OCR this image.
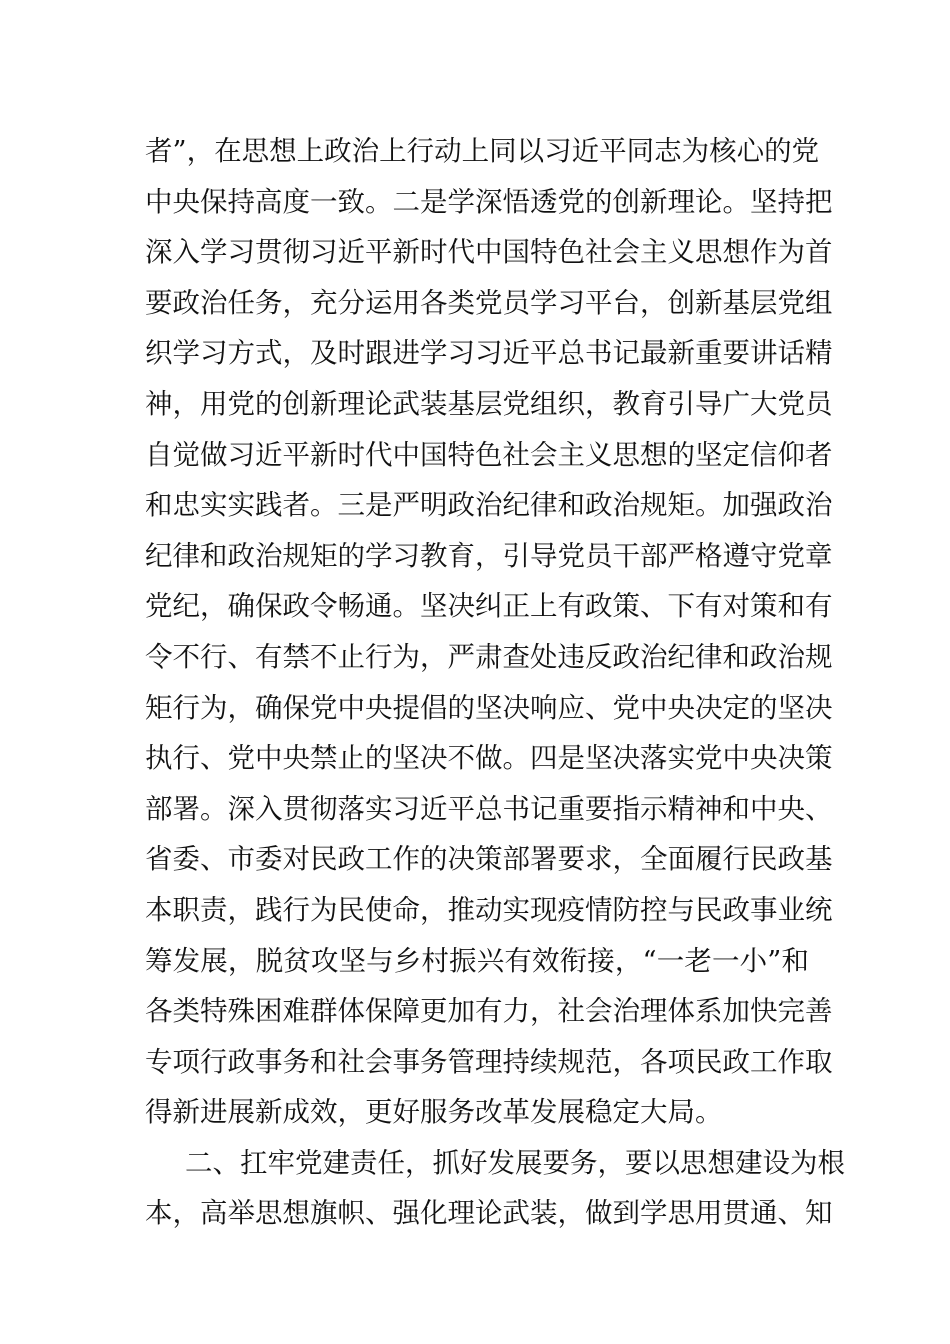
者 ” ， 在 思 想 上 政 治 上 行 动 上 同 以 习 近 平 同 志 为 核 心 的 党
中 央 保 持 高 度 一 致 。 二 是 学 深 悟 透 党 的 创 新 理 论 。 坚 持 把
深 入 学 习 贯 彻 习 近 平 新 时 代 中 国 特 色 社 会 主 义 思 想 作 为 首
要 政 治 任 务 ， 充 分 运 用 各 类 党 员 学 习 平 台 ， 创 新 基 层 党 组
织 学 习 方 式 ， 及 时 跟 进 学 习 习 近 平 总 书 记 最 新 重 要 讲 话 精
神 ， 用 党 的 创 新 理 论 武 装 基 层 党 组 织 ， 教 育 引 导 广 大 党 员
自 觉 做 习 近 平 新 时 代 中 国 特 色 社 会 主 义 思 想 的 坚 定 信 仰 者
和 忠 实 实 践 者 。 三 是 严 明 政 治 纪 律 和 政 治 规 矩 。 加 强 政 治
纪 律 和 政 治 规 矩 的 学 习 教 育 ， 引 导 党 员 干 部 严 格 遵 守 党 章
党 纪 ， 确 保 政 令 畅 通 。 坚 决 纠 正 上 有 政 策 、 下 有 对 策 和 有
令 不 行 、 有 禁 不 止 行 为 ， 严 肃 查 处 违 反 政 治 纪 律 和 政 治 规
矩 行 为 ， 确 保 党 中 央 提 倡 的 坚 决 响 应 、 党 中 央 决 定 的 坚 决
执 行 、 党 中 央 禁 止 的 坚 决 不 做 。 四 是 坚 决 落 实 党 中 央 决 策
部 署 。 深 入 贯 彻 落 实 习 近 平 总 书 记 重 要 指 示 精 神 和 中 央 、
省 委 、 市 委 对 民 政 工 作 的 决 策 部 署 要 求 ， 全 面 履 行 民 政 基
本 职 责 ， 践 行 为 民 使 命 ， 推 动 实 现 疫 情 防 控 与 民 政 事 业 统
筹 发 展 ， 脱 贫 攻 坚 与 乡 村 振 兴 有 效 衔 接 ， “ 一 老 一 小 ” 和
各 类 特 殊 困 难 群 体 保 障 更 加 有 力 ， 社 会 治 理 体 系 加 快 完 善
专 项 行 政 事 务 和 社 会 事 务 管 理 持 续 规 范 ， 各 项 民 政 工 作 取
得新进展新成效，更好服务改革发展稳定大局。
二 、 扛 牢 党 建 责 任 ， 抓 好 发 展 要 务 ， 要 以 思 想 建 设 为 根
本 ， 高 举 思 想 旗 帜 、 强 化 理 论 武 装 ， 做 到 学 思 用 贯 通 、 知
